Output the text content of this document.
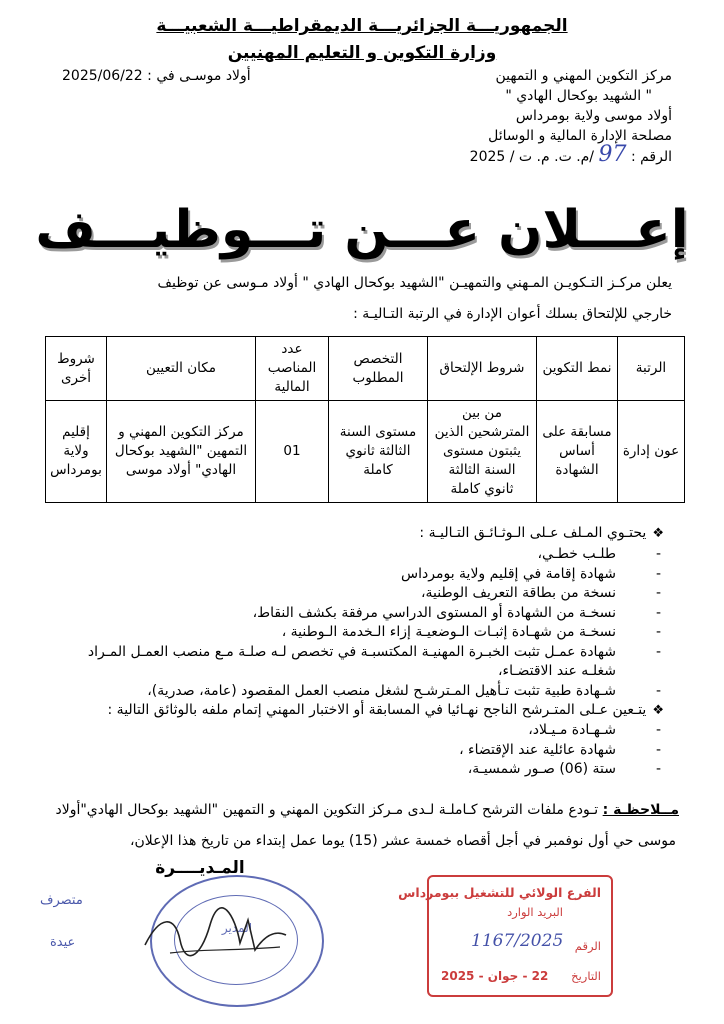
الجمهوريـــة الجزائريـــة الديمقراطيـــة الشعبيـــة
وزارة التكوين و التعليم المهنيين
مركز التكوين المهني و التمهين
" الشهيد بوكحال الهادي "
أولاد موسى ولاية بومرداس
مصلحة الإدارة المالية و الوسائل
الرقم : 97 /م. ت. م. ت / 2025
أولاد موسـى في : 2025/06/22
إعـــلان عـــن تـــوظيـــف
يعلن مركـز التـكويـن المـهني والتمهيـن "الشهيد بوكحال الهادي " أولاد مـوسى عن توظيف
خارجي للإلتحاق بسلك أعوان الإدارة في الرتبة التـاليـة :
الرتبة	نمط التكوين	شروط الإلتحاق	التخصص المطلوب	عدد المناصب المالية	مكان التعيين	شروط أخرى
عون إدارة	مسابقة على أساس الشهادة	من بين المترشحين الذين يثبتون مستوى السنة الثالثة ثانوي كاملة	مستوى السنة الثالثة ثانوي كاملة	01	مركز التكوين المهني و التمهين "الشهيد بوكحال الهادي" أولاد موسى	إقليم ولاية بومرداس
❖ يحتـوي المـلف عـلى الـوثـائـق التـاليـة :
- طلـب خطـي،
- شهادة إقامة في إقليم ولاية بومرداس
- نسخة من بطاقة التعريف الوطنية،
- نسخـة من الشهادة أو المستوى الدراسي مرفقة بكشف النقاط،
- نسخـة من شهـادة إثبـات الـوضعيـة إزاء الـخدمة الـوطنية ،
- شهادة عمـل تثبت الخبـرة المهنيـة المكتسبـة في تخصص لـه صلـة مـع منصب العمـل المـراد
شغلـه عند الاقتضـاء،
- شـهادة طبية تثبت تـأهيل المـترشـح لشغل منصب العمل المقصود (عامة، صدرية)،
❖ يتـعين عـلى المتـرشح الناجح نهـائيا في المسابقة أو الاختبار المهني إتمام ملفه بالوثائق التالية :
- شـهـادة مـيـلاد،
- شهادة عائلية عند الإقتضاء ،
- ستة (06) صـور شمسيـة،
مــلاحظـة : تـودع ملفات الترشح كـاملـة لـدى مـركز التكوين المهني و التمهين "الشهيد بوكحال الهادي"أولاد
موسى حي أول نوفمبر في أجل أقصاه خمسة عشر (15) يوما عمل إبتداء من تاريخ هذا الإعلان،
المـديــــرة
المدير
متصرف
عيدة
الفرع الولائي للتشغيل ببومرداس
البريد الوارد
الرقم
1167/2025
التاريخ
22 - جوان - 2025
